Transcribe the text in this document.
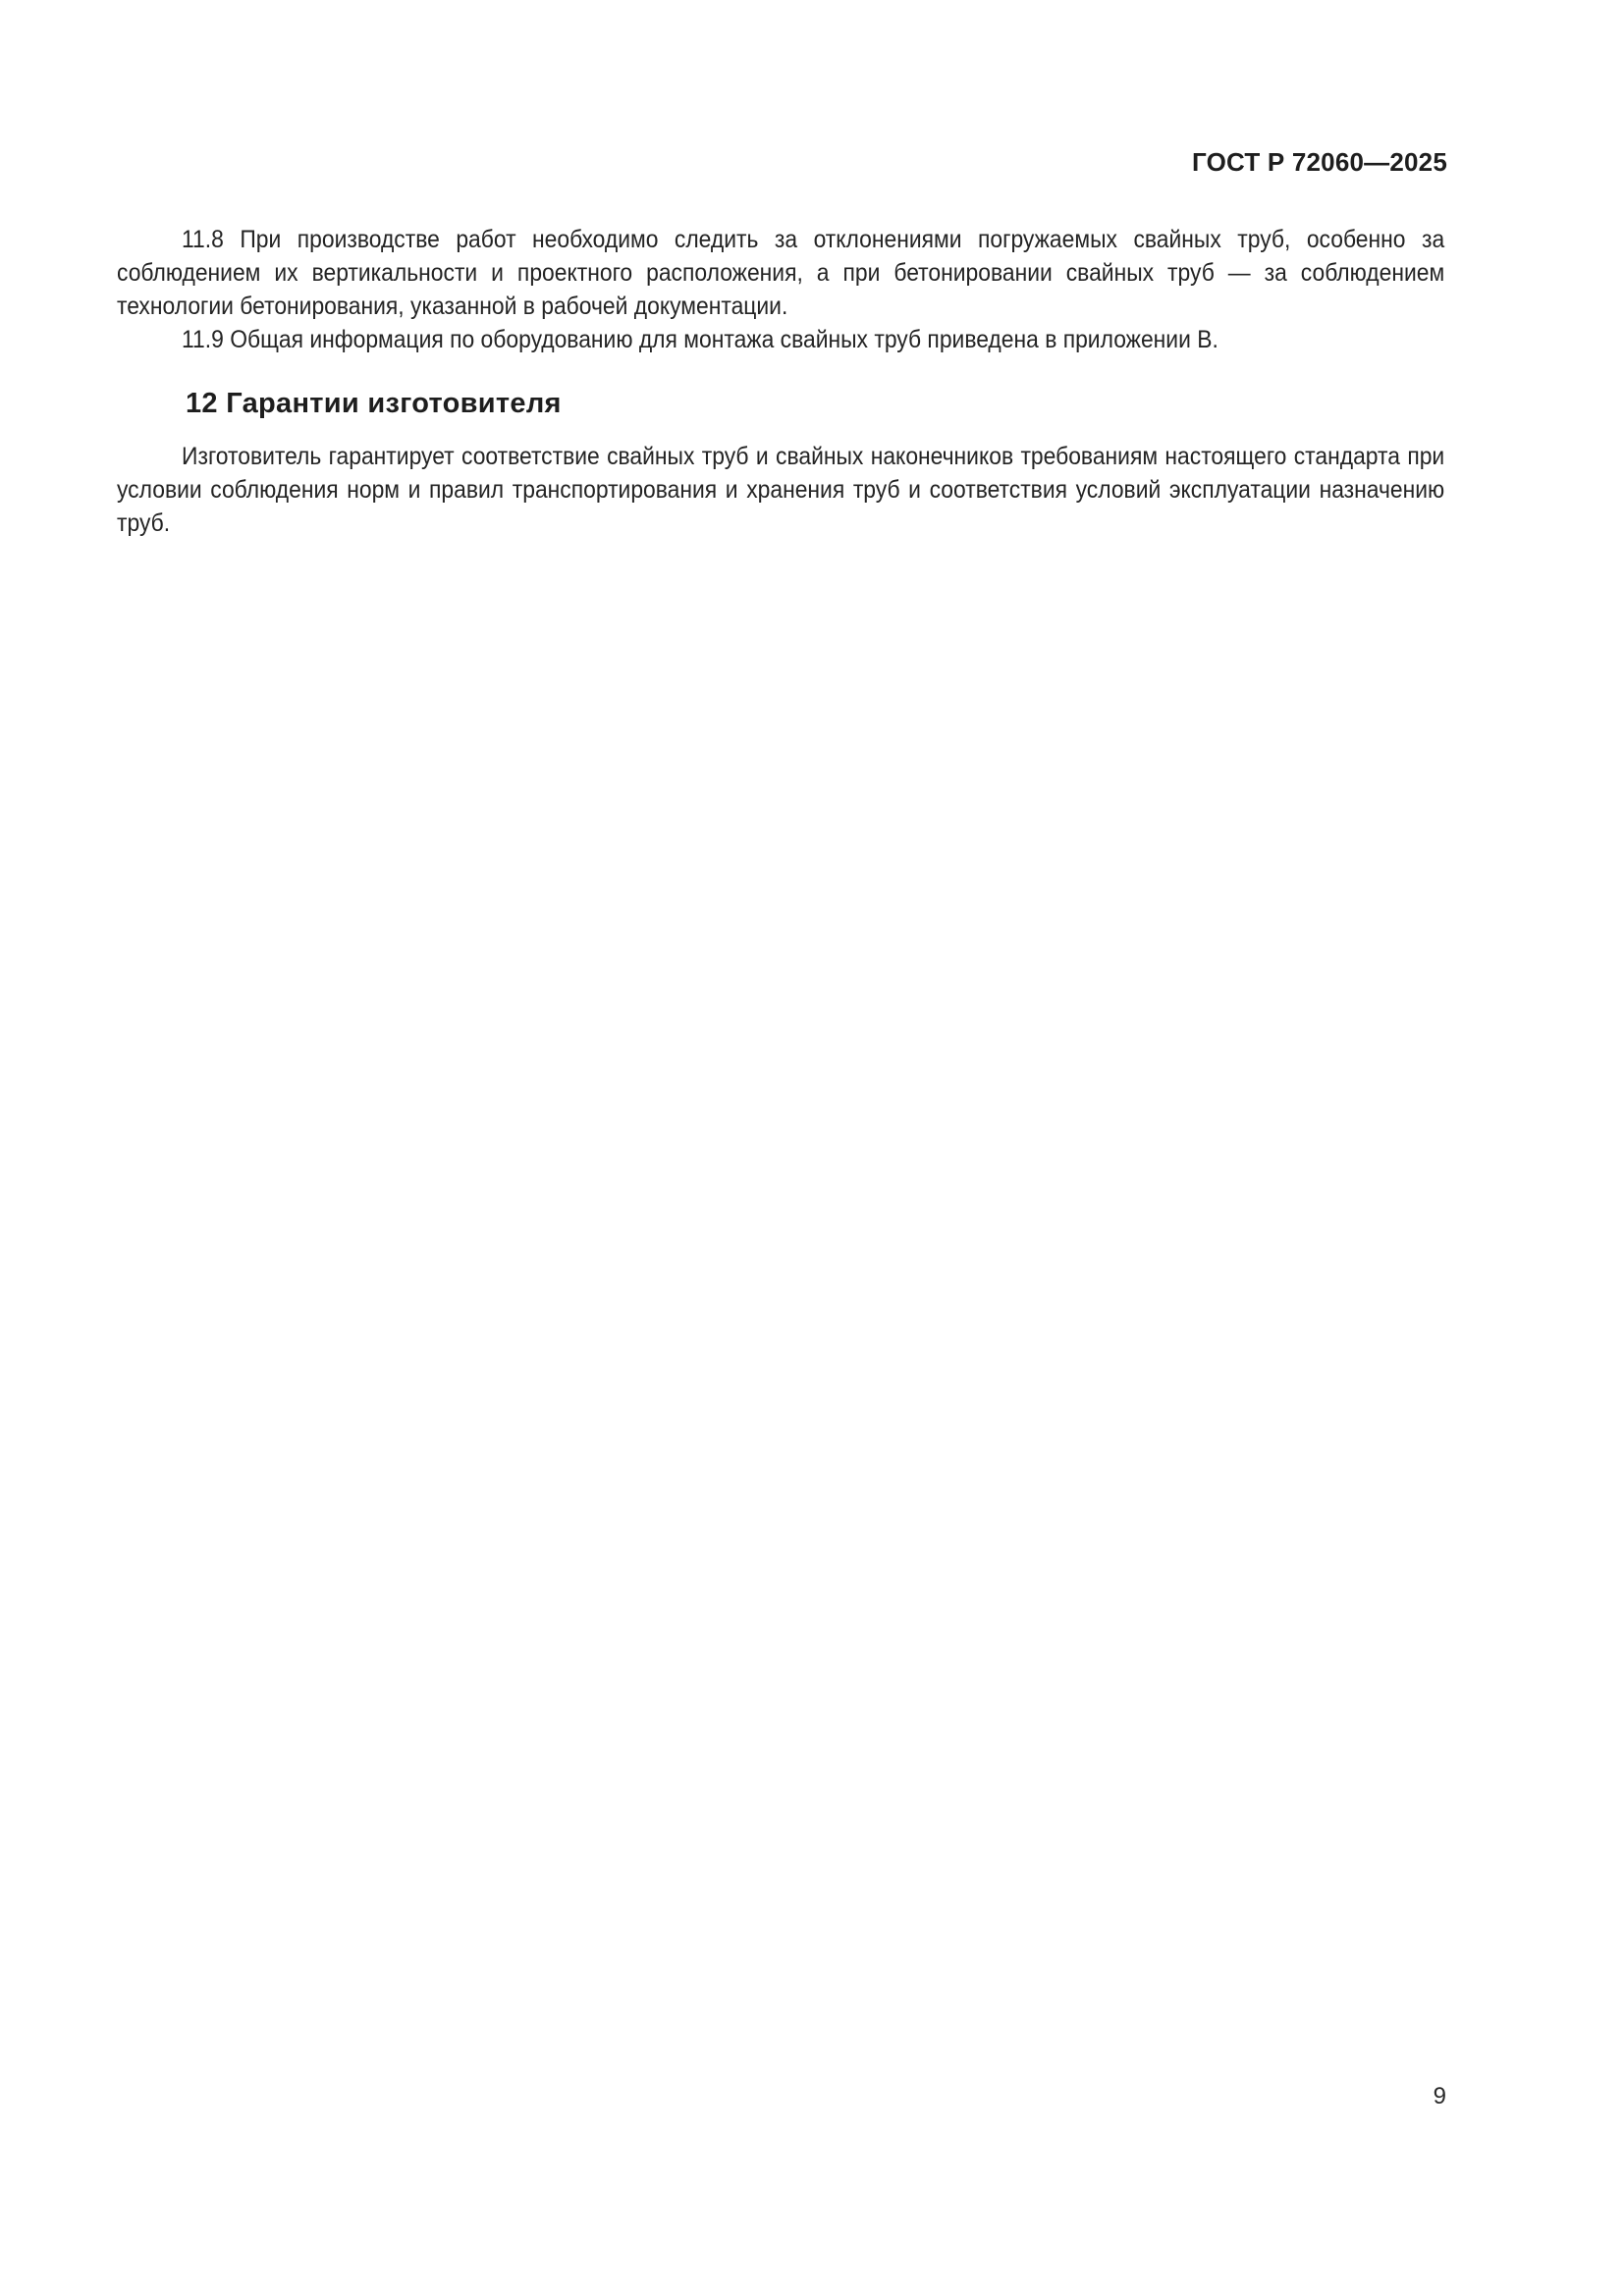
ГОСТ Р 72060—2025

11.8 При производстве работ необходимо следить за отклонениями погружаемых свайных труб, особенно за соблюдением их вертикальности и проектного расположения, а при бетонировании свайных труб — за соблюдением технологии бетонирования, указанной в рабочей документации.

11.9 Общая информация по оборудованию для монтажа свайных труб приведена в приложении В.

12 Гарантии изготовителя

Изготовитель гарантирует соответствие свайных труб и свайных наконечников требованиям настоящего стандарта при условии соблюдения норм и правил транспортирования и хранения труб и соответствия условий эксплуатации назначению труб.

9
